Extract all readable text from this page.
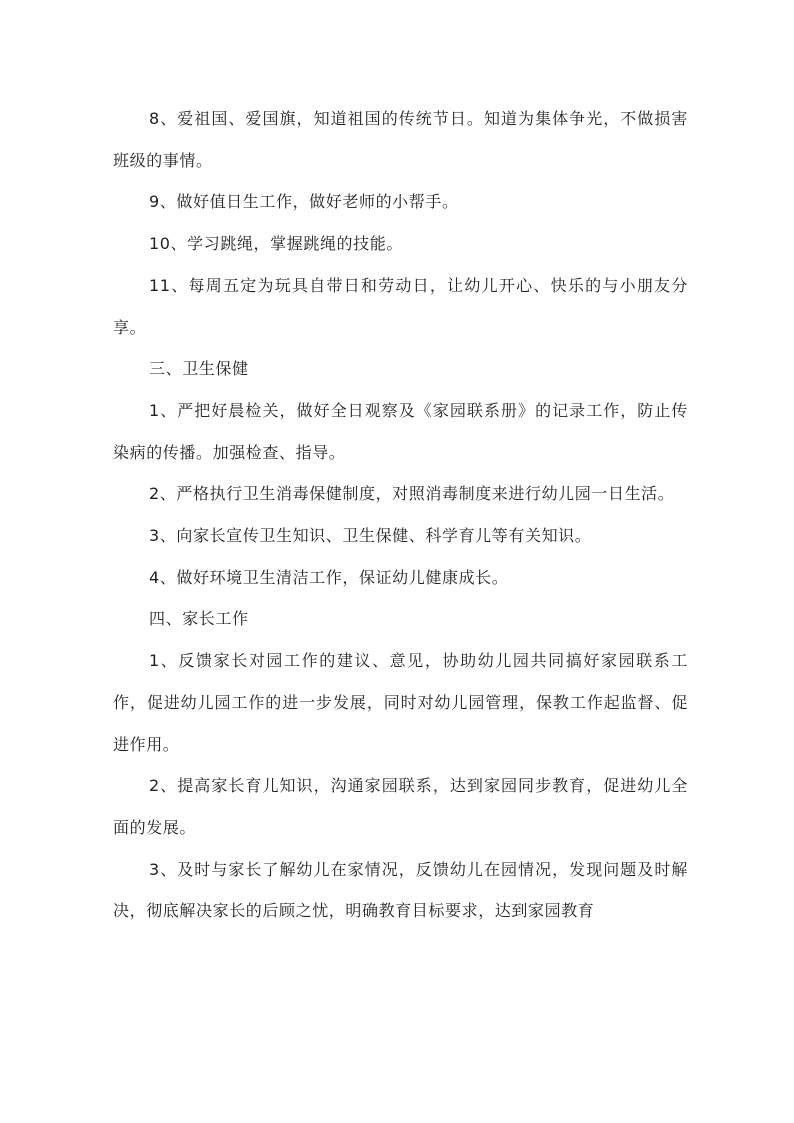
8、爱祖国、爱国旗，知道祖国的传统节日。知道为集体争光，不做损害班级的事情。

9、做好值日生工作，做好老师的小帮手。

10、学习跳绳，掌握跳绳的技能。

11、每周五定为玩具自带日和劳动日，让幼儿开心、快乐的与小朋友分享。

三、卫生保健

1、严把好晨检关，做好全日观察及《家园联系册》的记录工作，防止传染病的传播。加强检查、指导。

2、严格执行卫生消毒保健制度，对照消毒制度来进行幼儿园一日生活。

3、向家长宣传卫生知识、卫生保健、科学育儿等有关知识。

4、做好环境卫生清洁工作，保证幼儿健康成长。

四、家长工作

1、反馈家长对园工作的建议、意见，协助幼儿园共同搞好家园联系工作，促进幼儿园工作的进一步发展，同时对幼儿园管理，保教工作起监督、促进作用。

2、提高家长育儿知识，沟通家园联系，达到家园同步教育，促进幼儿全面的发展。

3、及时与家长了解幼儿在家情况，反馈幼儿在园情况，发现问题及时解决，彻底解决家长的后顾之忧，明确教育目标要求，达到家园教育
